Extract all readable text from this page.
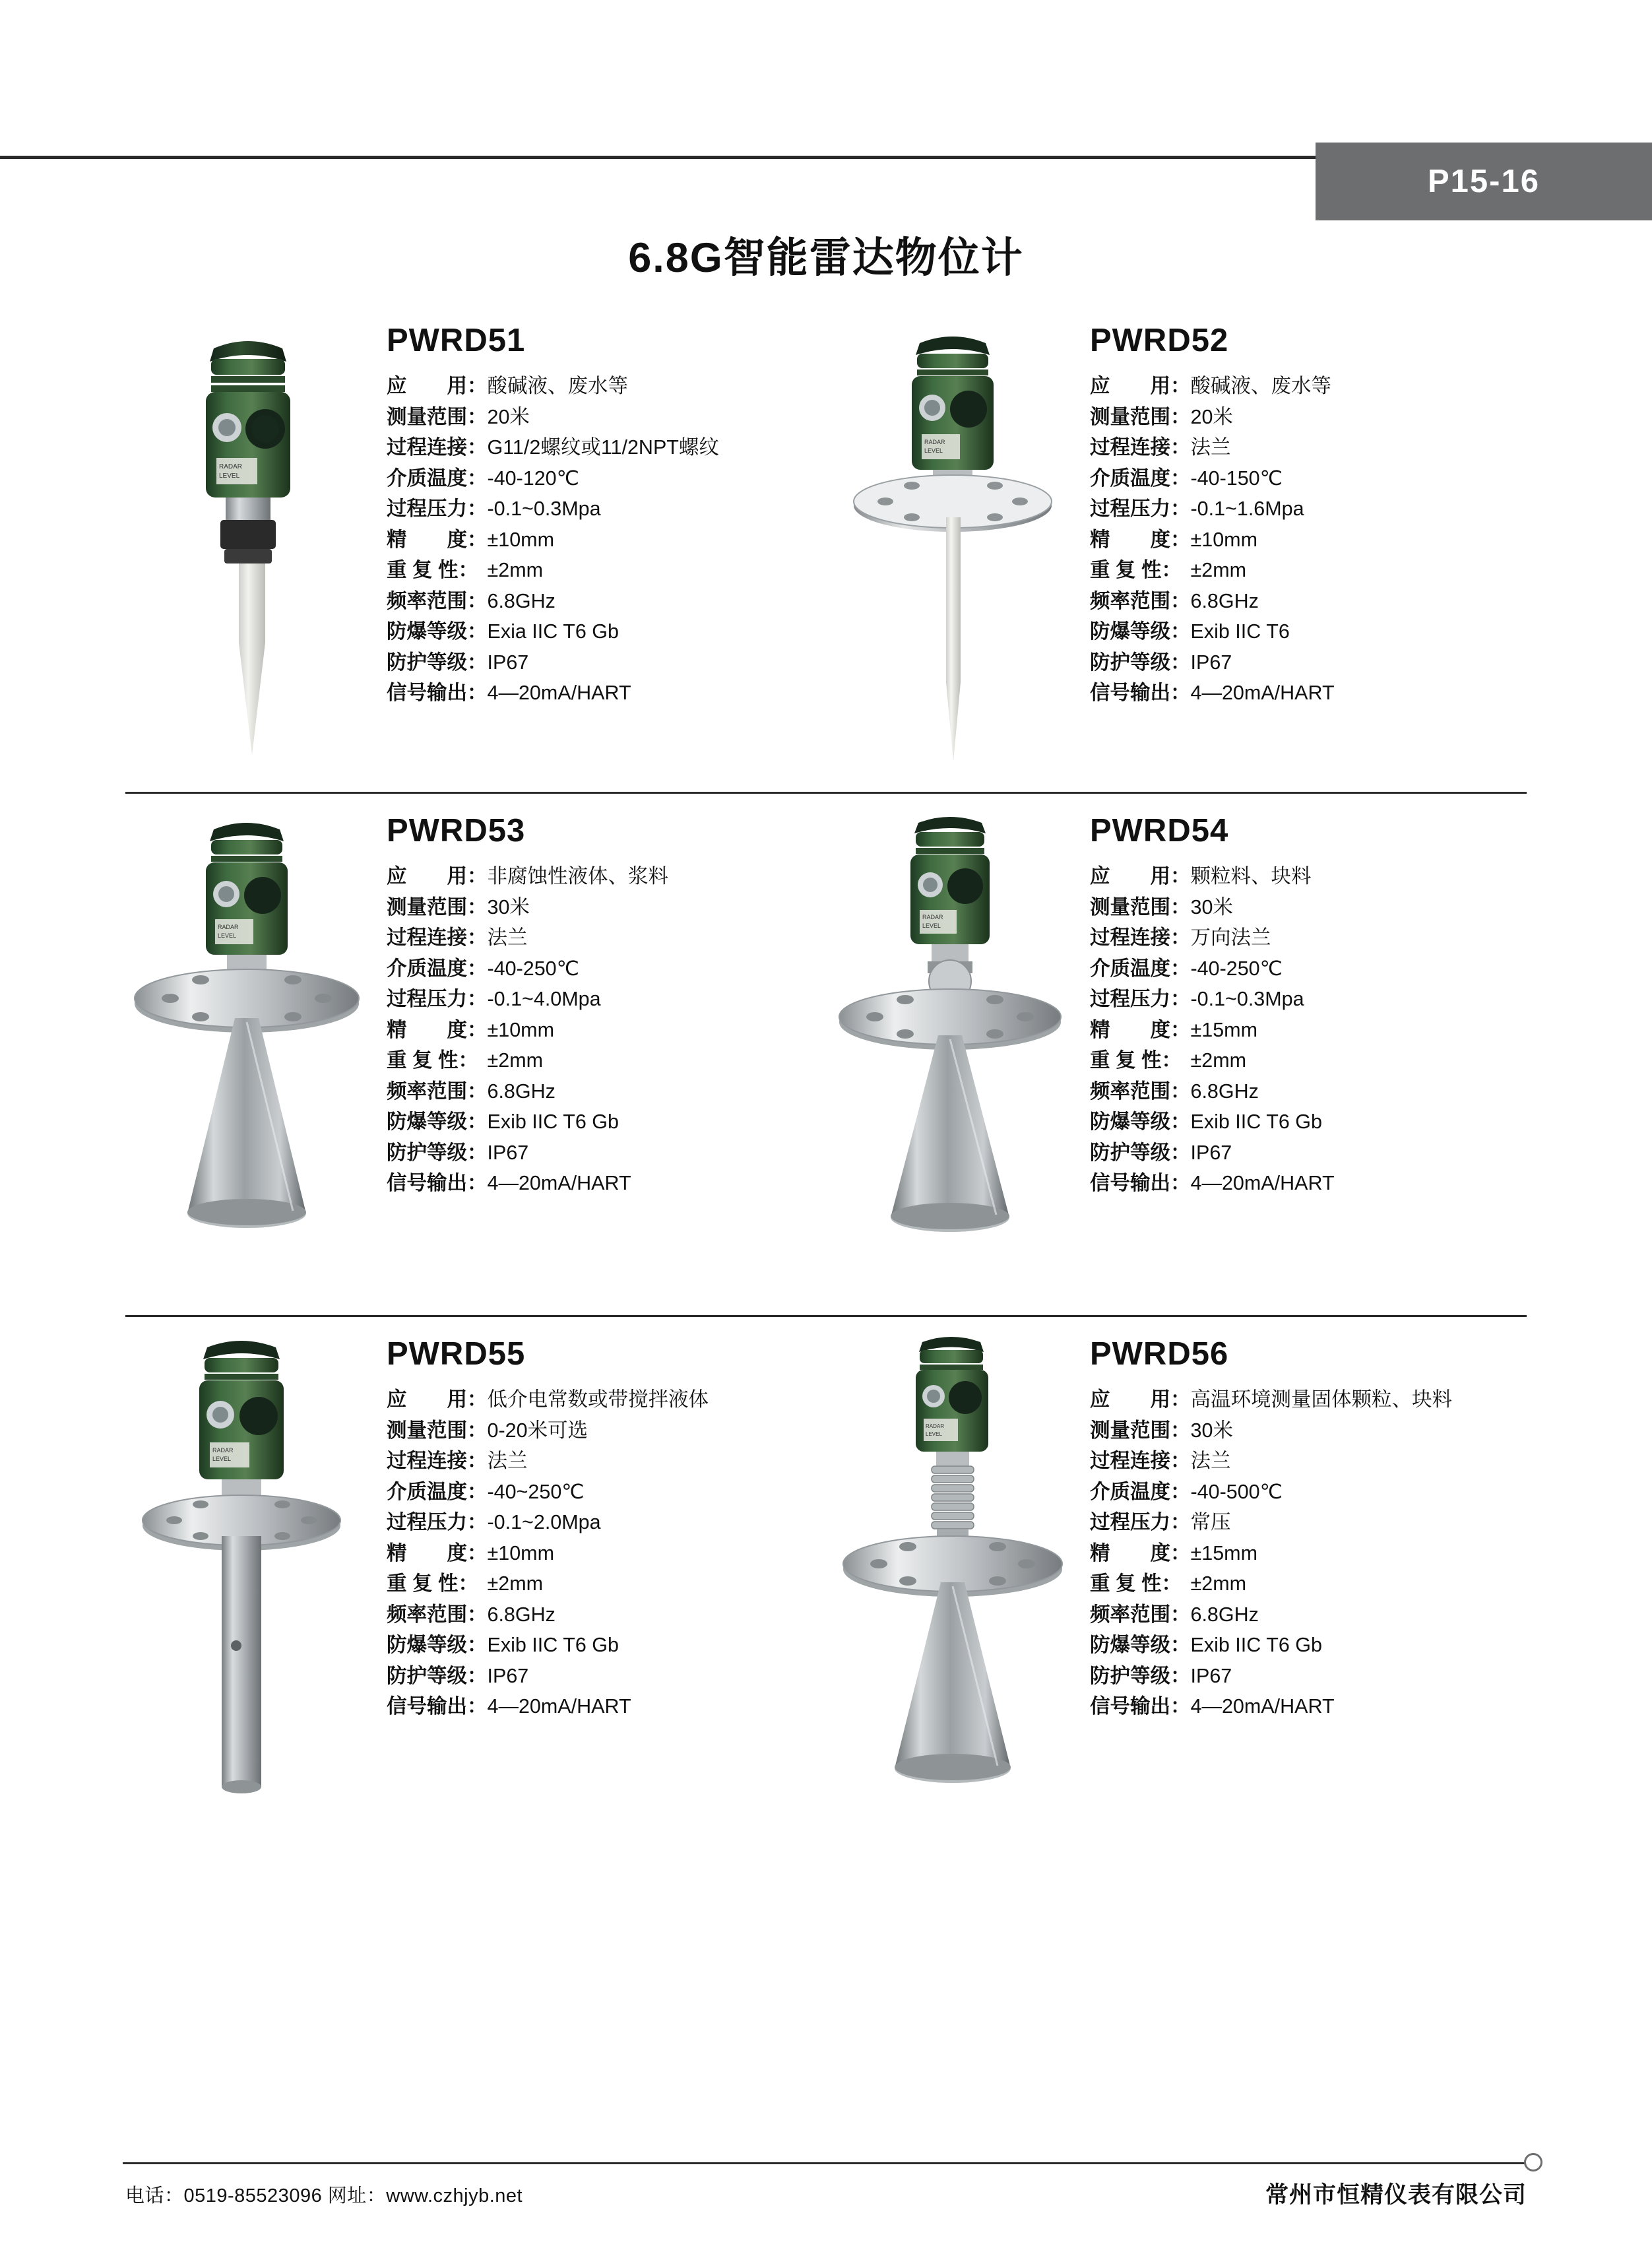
P15-16
6.8G智能雷达物位计
RADAR
LEVEL
PWRD51
应　　用：	酸碱液、废水等
测量范围：	20米
过程连接：	G11/2螺纹或11/2NPT螺纹
介质温度：	-40-120℃
过程压力：	-0.1~0.3Mpa
精　　度：	±10mm
重 复 性：	±2mm
频率范围：	6.8GHz
防爆等级：	Exia IIC T6 Gb
防护等级：	IP67
信号输出：	4—20mA/HART
RADAR
LEVEL
PWRD52
应　　用：	酸碱液、废水等
测量范围：	20米
过程连接：	法兰
介质温度：	-40-150℃
过程压力：	-0.1~1.6Mpa
精　　度：	±10mm
重 复 性：	±2mm
频率范围：	6.8GHz
防爆等级：	Exib IIC T6
防护等级：	IP67
信号输出：	4—20mA/HART
RADAR
LEVEL
PWRD53
应　　用：	非腐蚀性液体、浆料
测量范围：	30米
过程连接：	法兰
介质温度：	-40-250℃
过程压力：	-0.1~4.0Mpa
精　　度：	±10mm
重 复 性：	±2mm
频率范围：	6.8GHz
防爆等级：	Exib IIC T6 Gb
防护等级：	IP67
信号输出：	4—20mA/HART
RADAR
LEVEL
PWRD54
应　　用：	颗粒料、块料
测量范围：	30米
过程连接：	万向法兰
介质温度：	-40-250℃
过程压力：	-0.1~0.3Mpa
精　　度：	±15mm
重 复 性：	±2mm
频率范围：	6.8GHz
防爆等级：	Exib IIC T6 Gb
防护等级：	IP67
信号输出：	4—20mA/HART
RADAR
LEVEL
PWRD55
应　　用：	低介电常数或带搅拌液体
测量范围：	0-20米可选
过程连接：	法兰
介质温度：	-40~250℃
过程压力：	-0.1~2.0Mpa
精　　度：	±10mm
重 复 性：	±2mm
频率范围：	6.8GHz
防爆等级：	Exib IIC T6 Gb
防护等级：	IP67
信号输出：	4—20mA/HART
RADAR
LEVEL
PWRD56
应　　用：	高温环境测量固体颗粒、块料
测量范围：	30米
过程连接：	法兰
介质温度：	-40-500℃
过程压力：	常压
精　　度：	±15mm
重 复 性：	±2mm
频率范围：	6.8GHz
防爆等级：	Exib IIC T6 Gb
防护等级：	IP67
信号输出：	4—20mA/HART
电话：0519-85523096 网址：www.czhjyb.net	常州市恒精仪表有限公司
